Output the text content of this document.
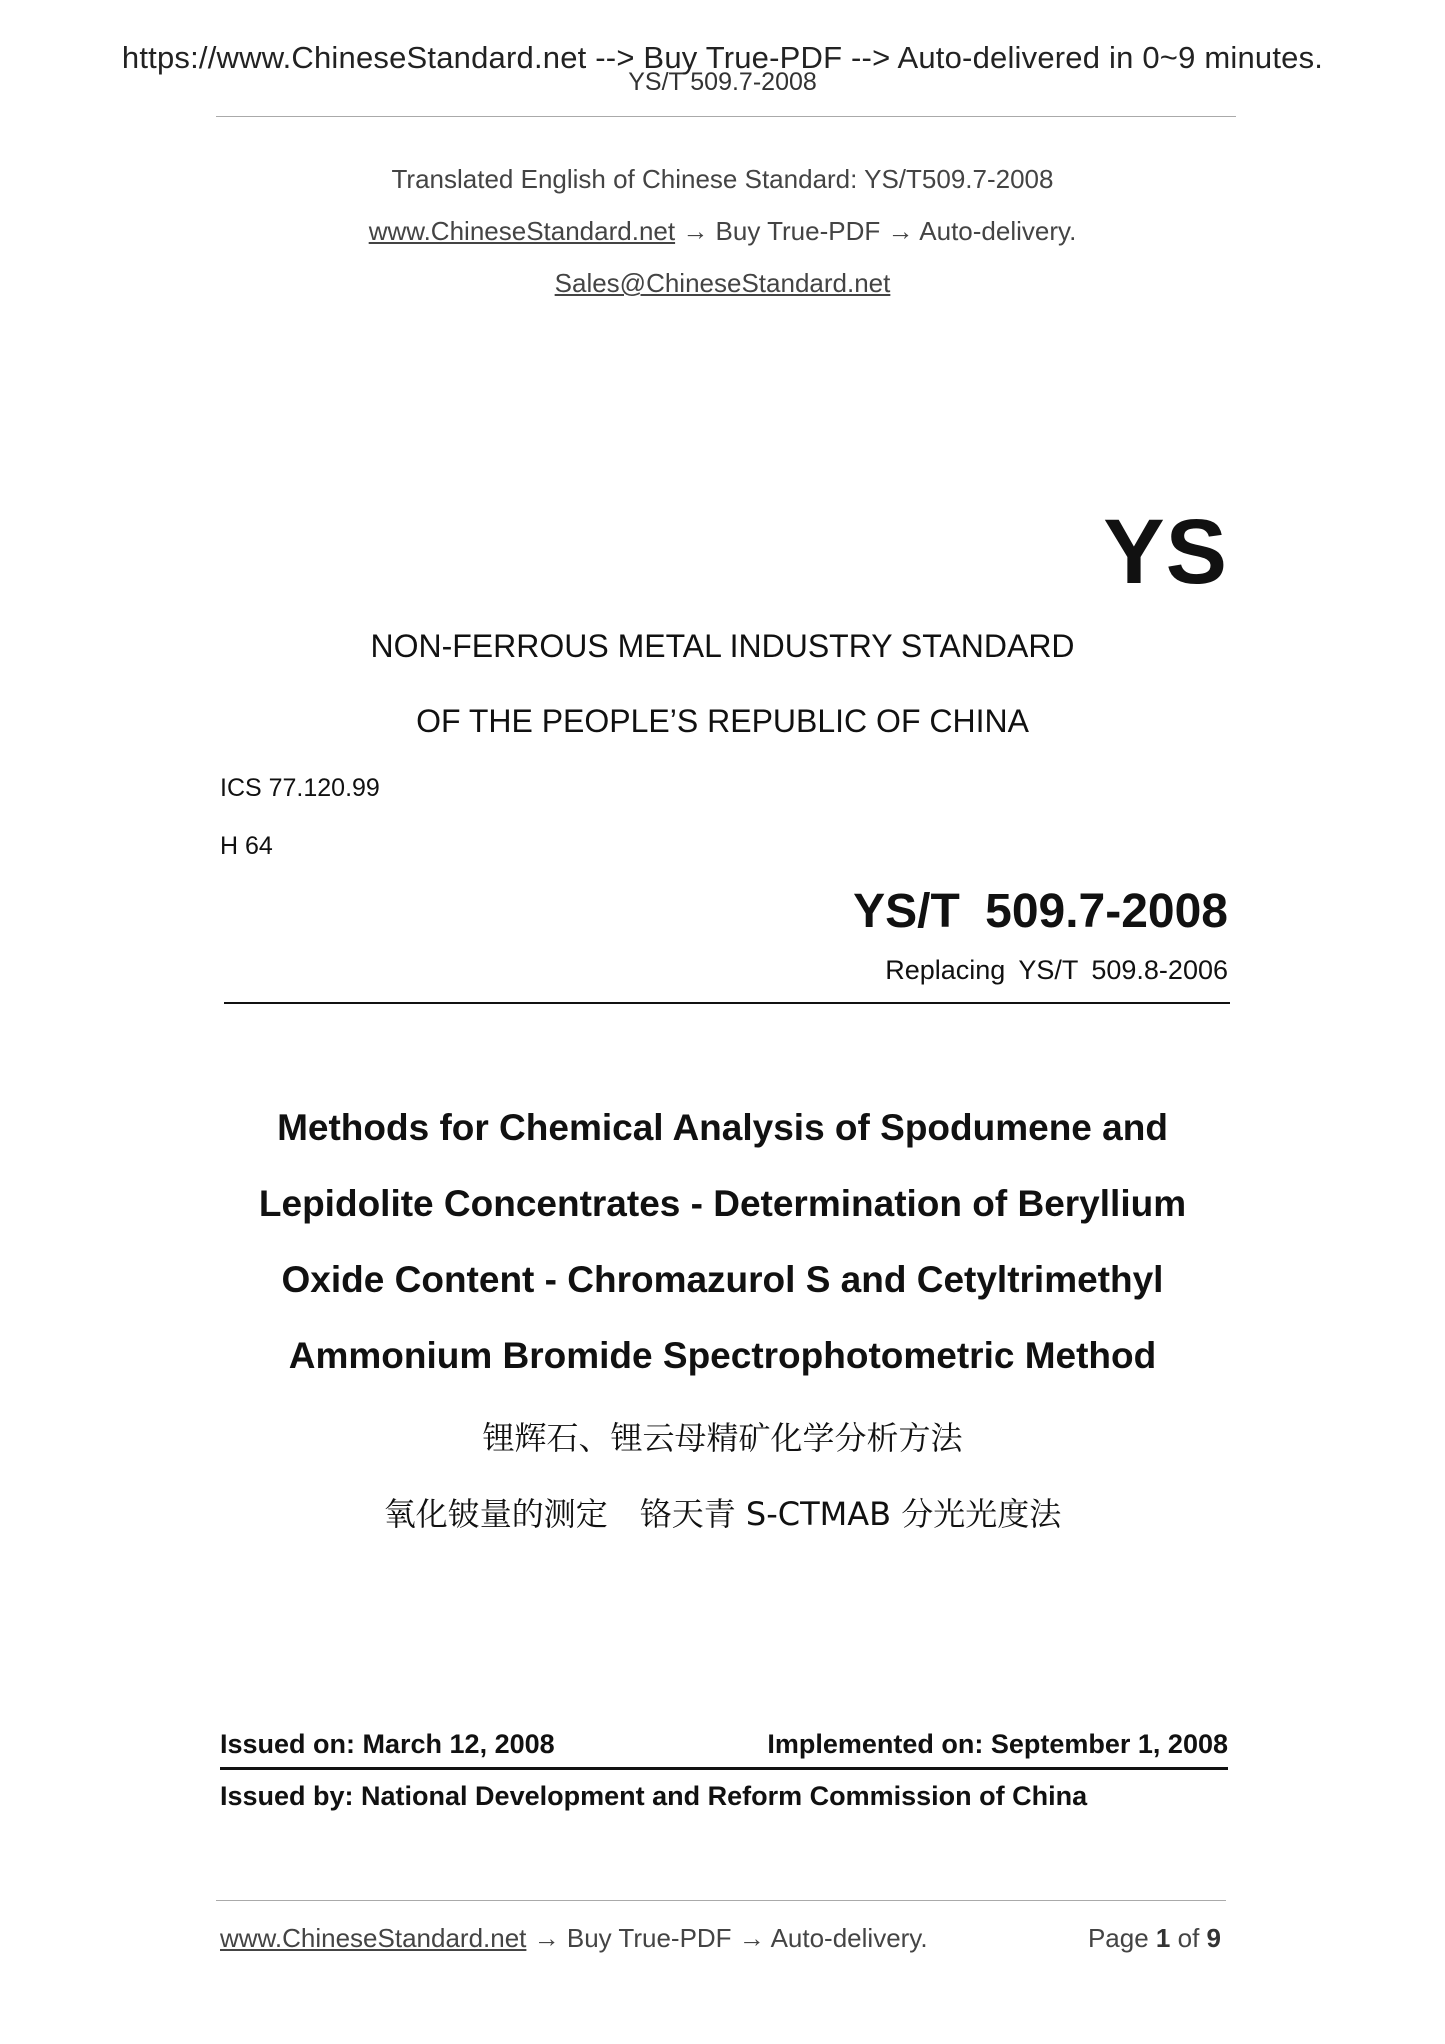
https://www.ChineseStandard.net --> Buy True-PDF --> Auto-delivered in 0~9 minutes.
YS/T 509.7-2008
Translated English of Chinese Standard: YS/T509.7-2008
www.ChineseStandard.net → Buy True-PDF → Auto-delivery.
Sales@ChineseStandard.net
YS
NON-FERROUS METAL INDUSTRY STANDARD
OF THE PEOPLE’S REPUBLIC OF CHINA
ICS 77.120.99
H 64
YS/T 509.7-2008
Replacing YS/T 509.8-2006
Methods for Chemical Analysis of Spodumene and
Lepidolite Concentrates - Determination of Beryllium
Oxide Content - Chromazurol S and Cetyltrimethyl
Ammonium Bromide Spectrophotometric Method
锂辉石、锂云母精矿化学分析方法
氧化铍量的测定　铬天青 S-CTMAB 分光光度法
Issued on: March 12, 2008	Implemented on: September 1, 2008
Issued by: National Development and Reform Commission of China
www.ChineseStandard.net → Buy True-PDF → Auto-delivery.	Page 1 of 9
